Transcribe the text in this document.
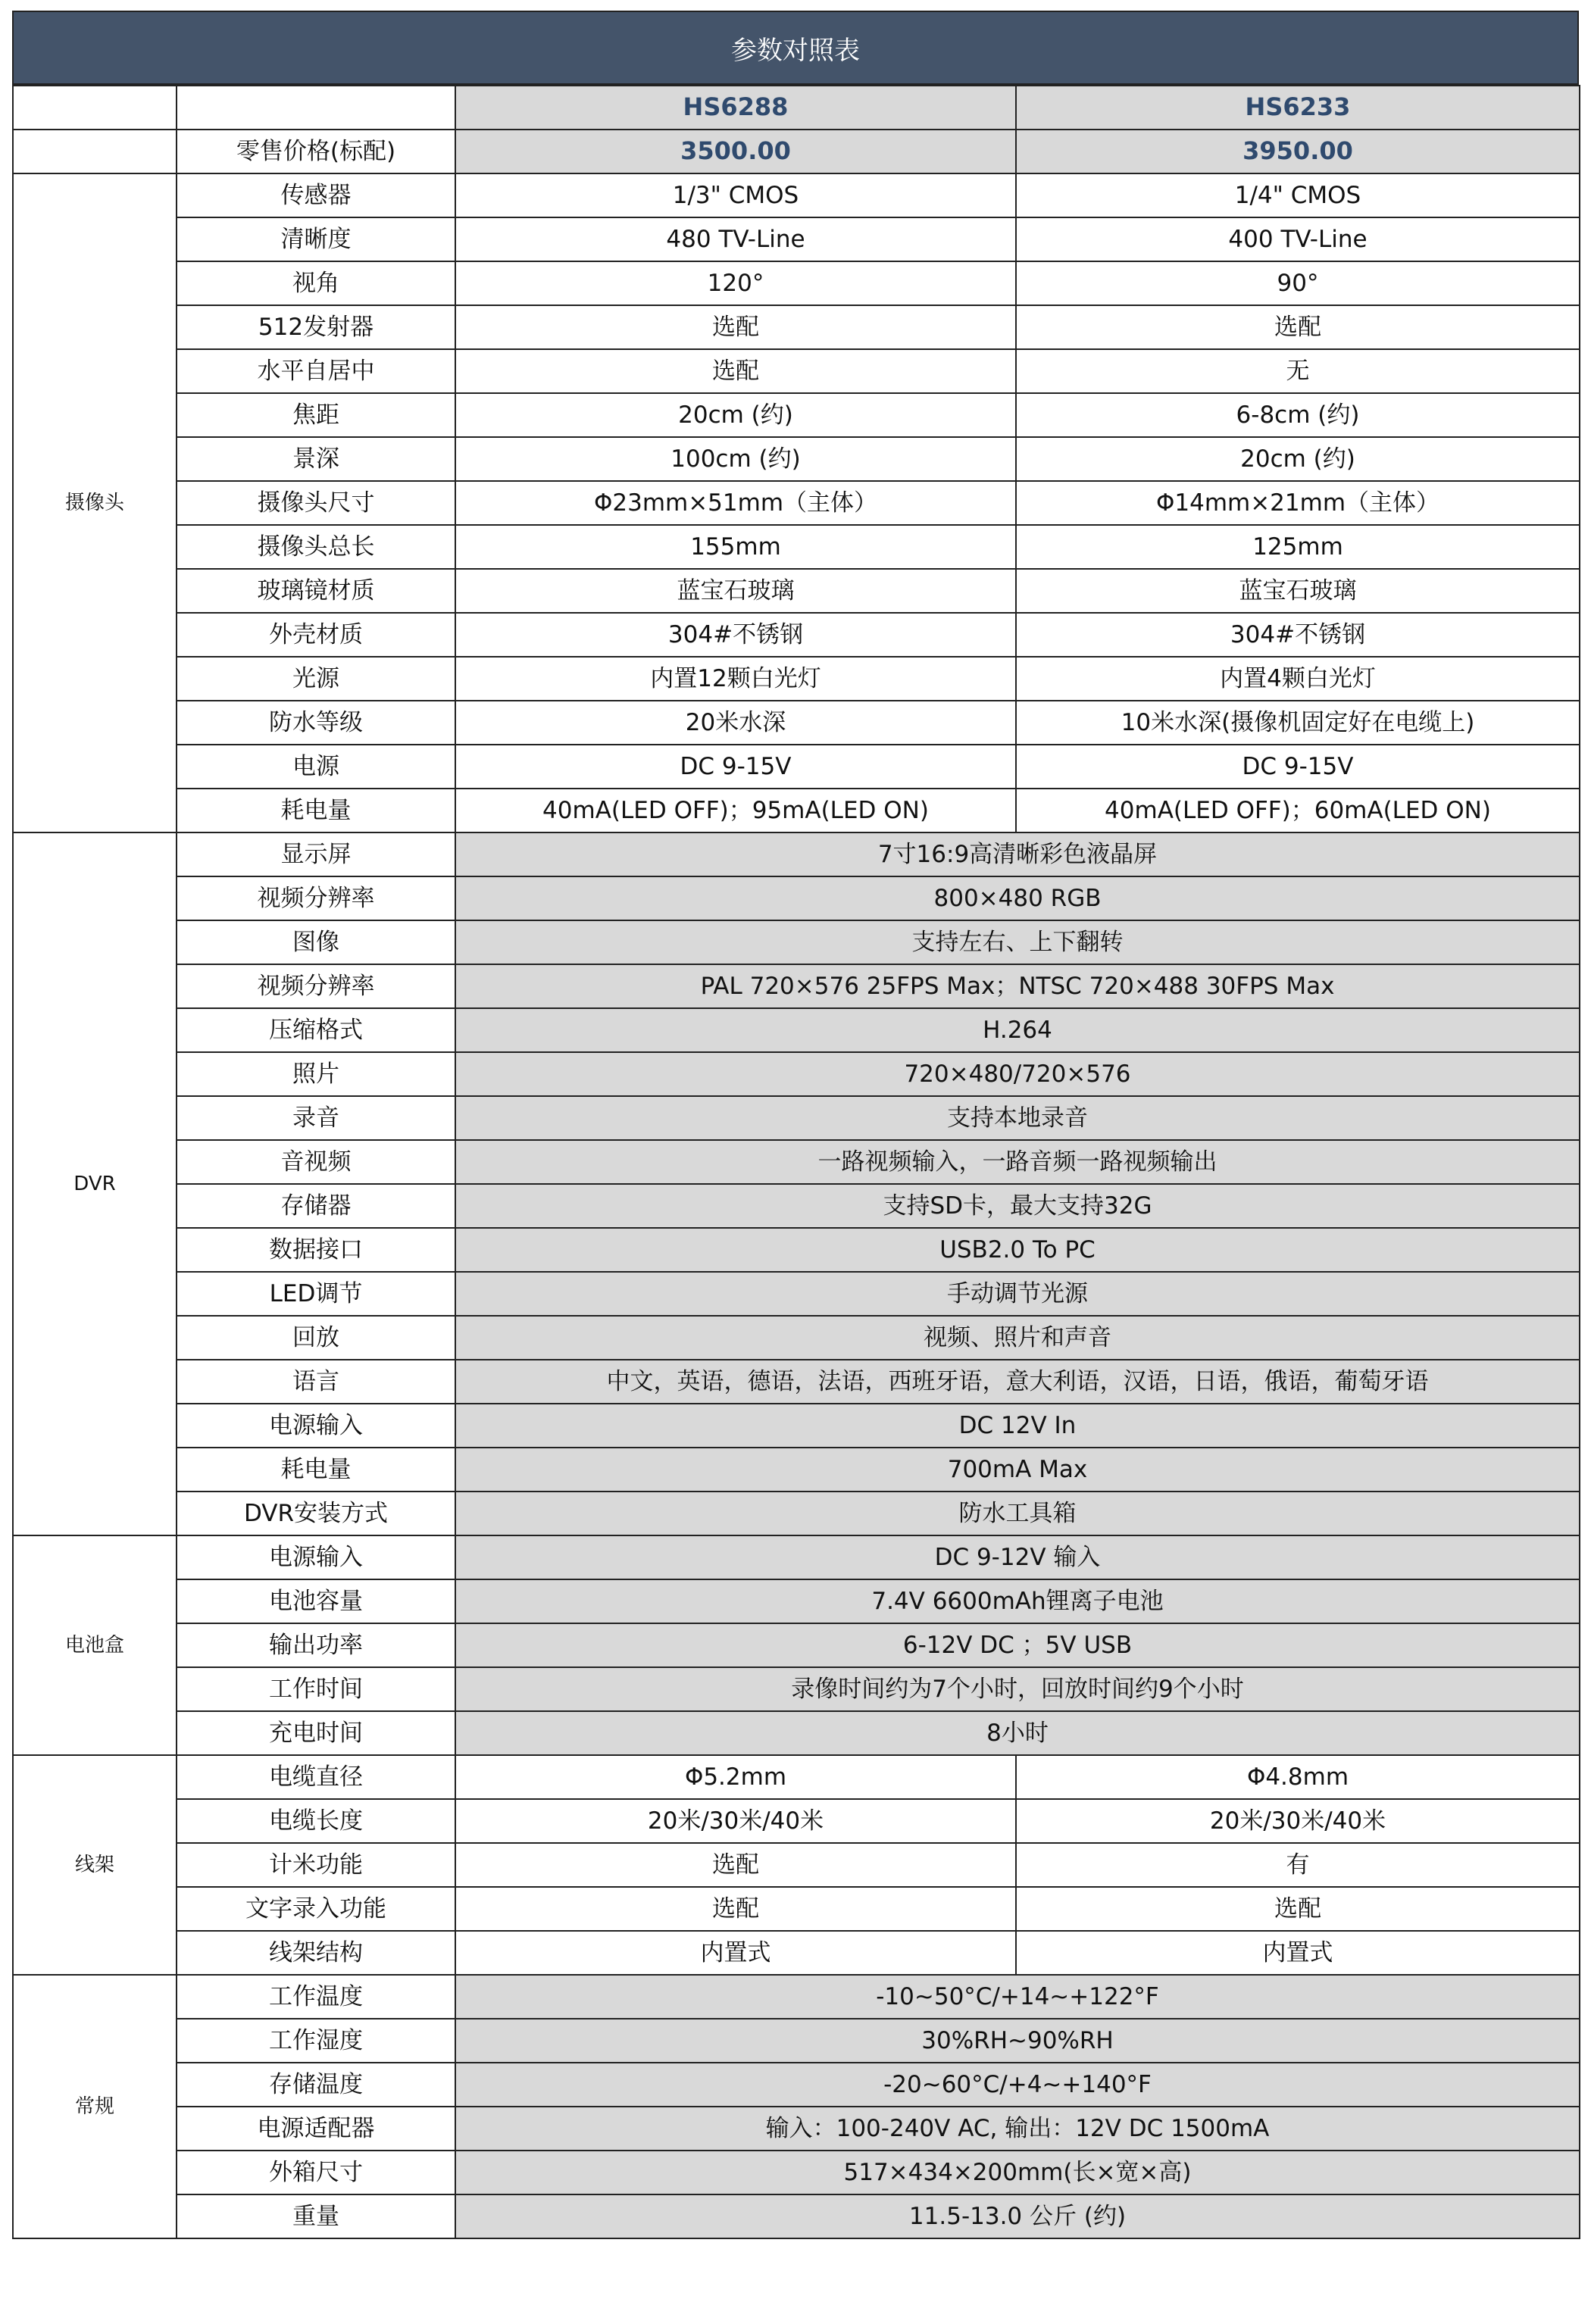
参数对照表
		HS6288	HS6233
	零售价格(标配)	3500.00	3950.00
摄像头	传感器	1/3" CMOS	1/4" CMOS
	清晰度	480 TV-Line	400 TV-Line
	视角	120°	90°
	512发射器	选配	选配
	水平自居中	选配	无
	焦距	20cm (约)	6-8cm (约)
	景深	100cm (约)	20cm (约)
	摄像头尺寸	Φ23mm×51mm（主体）	Φ14mm×21mm（主体）
	摄像头总长	155mm	125mm
	玻璃镜材质	蓝宝石玻璃	蓝宝石玻璃
	外壳材质	304#不锈钢	304#不锈钢
	光源	内置12颗白光灯	内置4颗白光灯
	防水等级	20米水深	10米水深(摄像机固定好在电缆上)
	电源	DC 9-15V	DC 9-15V
	耗电量	40mA(LED OFF)；95mA(LED ON)	40mA(LED OFF)；60mA(LED ON)
DVR	显示屏	7寸16:9高清晰彩色液晶屏	
	视频分辨率	800×480 RGB	
	图像	支持左右、上下翻转	
	视频分辨率	PAL 720×576 25FPS Max；NTSC 720×488 30FPS Max	
	压缩格式	H.264	
	照片	720×480/720×576	
	录音	支持本地录音	
	音视频	一路视频输入，一路音频一路视频输出	
	存储器	支持SD卡，最大支持32G	
	数据接口	USB2.0 To PC	
	LED调节	手动调节光源	
	回放	视频、照片和声音	
	语言	中文，英语，德语，法语，西班牙语，意大利语，汉语，日语，俄语，葡萄牙语	
	电源输入	DC 12V In	
	耗电量	700mA Max	
	DVR安装方式	防水工具箱	
电池盒	电源输入	DC 9-12V 输入	
	电池容量	7.4V 6600mAh锂离子电池	
	输出功率	6-12V DC ；5V USB	
	工作时间	录像时间约为7个小时，回放时间约9个小时	
	充电时间	8小时	
线架	电缆直径	Φ5.2mm	Φ4.8mm
	电缆长度	20米/30米/40米	20米/30米/40米
	计米功能	选配	有
	文字录入功能	选配	选配
	线架结构	内置式	内置式
常规	工作温度	-10~50°C/+14~+122°F	
	工作湿度	30%RH~90%RH	
	存储温度	-20~60°C/+4~+140°F	
	电源适配器	输入：100-240V AC, 输出：12V DC 1500mA	
	外箱尺寸	517×434×200mm(长×宽×高)	
	重量	11.5-13.0 公斤 (约)	
